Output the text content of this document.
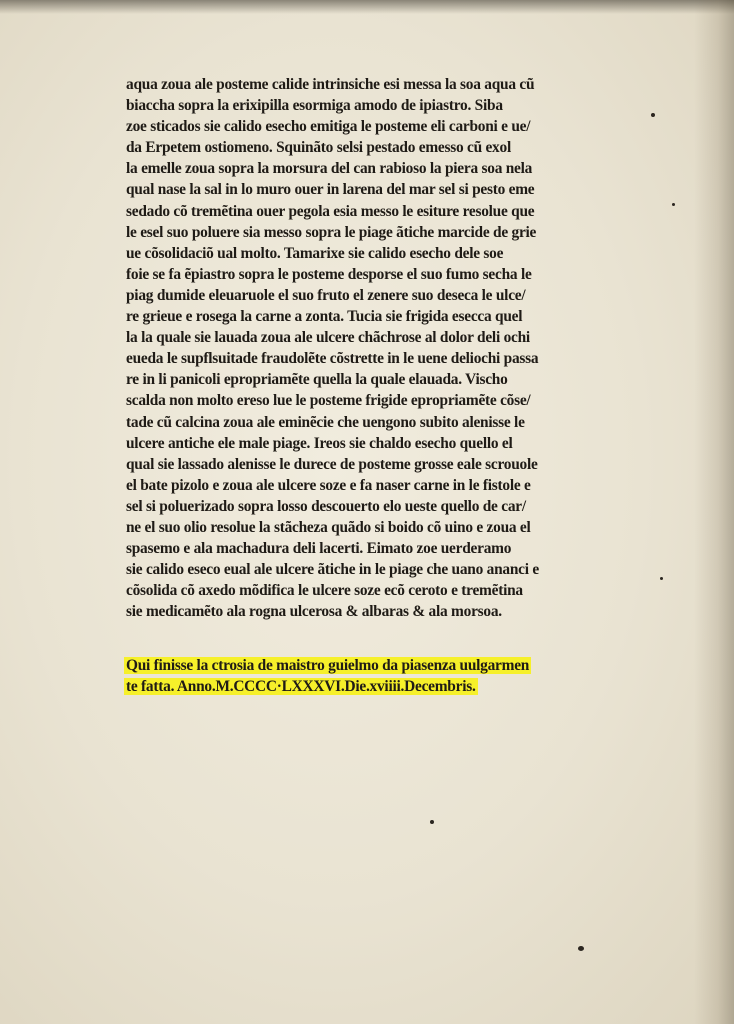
aqua zoua ale posteme calide intrinsiche esi messa la soa aqua cũ
biaccha sopra la erixipilla esormiga amodo de ipiastro. Siba
zoe sticados sie calido esecho emitiga le posteme eli carboni e ue/
da Erpetem ostiomeno. Squinãto selsi pestado emesso cũ exol
la emelle zoua sopra la morsura del can rabioso la piera soa nela
qual nase la sal in lo muro ouer in larena del mar sel si pesto eme
sedado cõ tremẽtina ouer pegola esia messo le esiture resolue que
le esel suo poluere sia messo sopra le piage ãtiche marcide de grie
ue cõsolidaciõ ual molto. Tamarixe sie calido esecho dele soe
foie se fa ẽpiastro sopra le posteme desporse el suo fumo secha le
piag dumide eleuaruole el suo fruto el zenere suo deseca le ulce/
re grieue e rosega la carne a zonta. Tucia sie frigida esecca quel
la la quale sie lauada zoua ale ulcere chãchrose al dolor deli ochi
eueda le supflsuitade fraudolẽte cõstrette in le uene deliochi passa
re in li panicoli epropriamẽte quella la quale elauada. Vischo
scalda non molto ereso lue le posteme frigide epropriamẽte cõse/
tade cũ calcina zoua ale eminẽcie che uengono subito alenisse le
ulcere antiche ele male piage. Ireos sie chaldo esecho quello el
qual sie lassado alenisse le durece de posteme grosse eale scrouole
el bate pizolo e zoua ale ulcere soze e fa naser carne in le fistole e
sel si poluerizado sopra losso descouerto elo ueste quello de car/
ne el suo olio resolue la stãcheza quãdo si boido cõ uino e zoua el
spasemo e ala machadura deli lacerti. Eimato zoe uerderamo
sie calido eseco eual ale ulcere ãtiche in le piage che uano ananci e
cõsolida cõ axedo mõdifica le ulcere soze ecõ ceroto e tremẽtina
sie medicamẽto ala rogna ulcerosa & albaras & ala morsoa.
Qui finisse la ctrosia de maistro guielmo da piasenza uulgarmen
te fatta. Anno.M.CCCC·LXXXVI.Die.xviiii.Decembris.
